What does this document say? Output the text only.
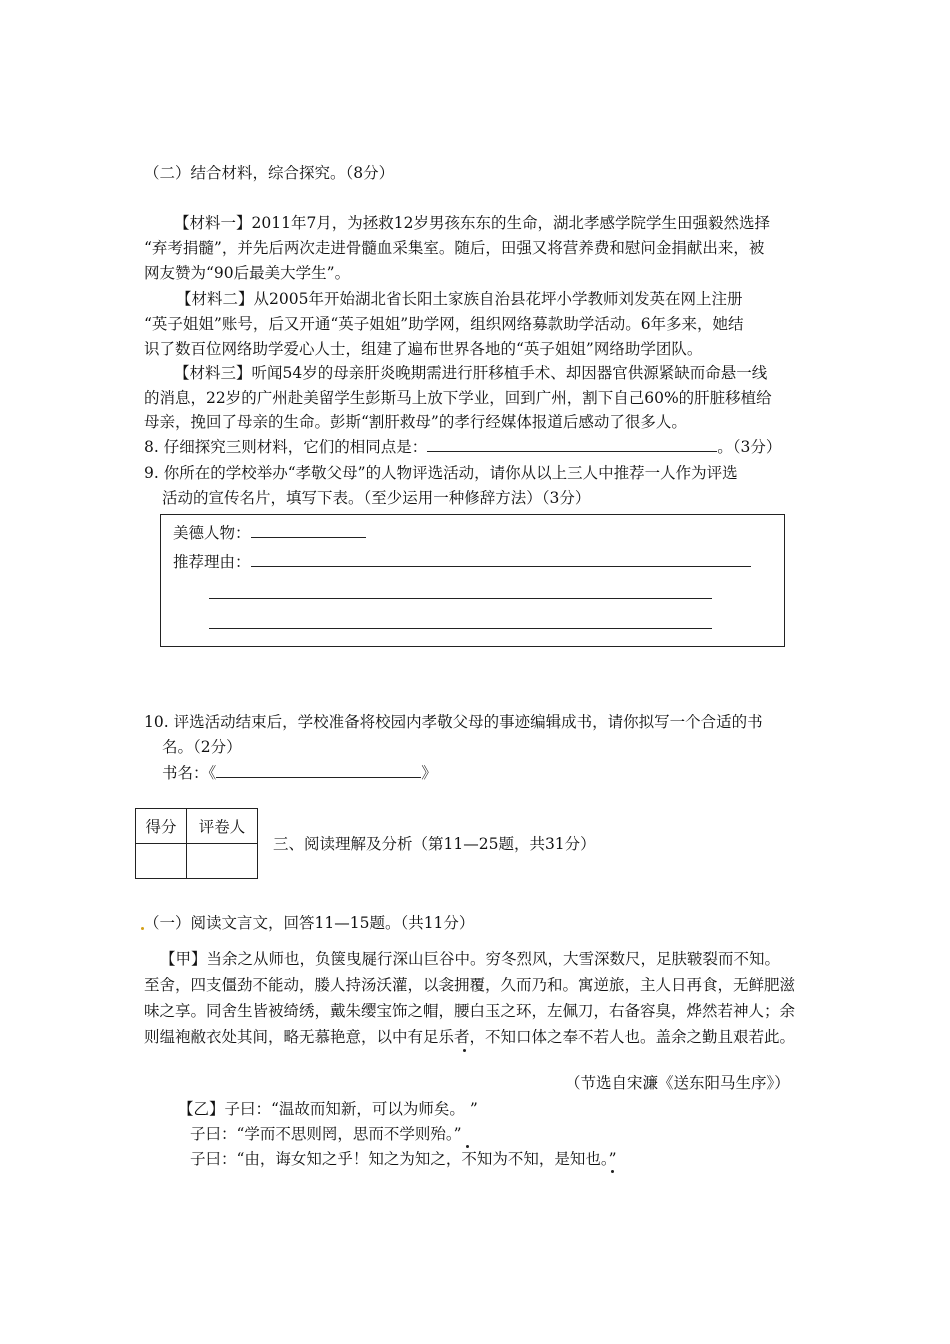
（二）结合材料，综合探究。（8分）
【材料一】2011年7月，为拯救12岁男孩东东的生命，湖北孝感学院学生田强毅然选择
“弃考捐髓”，并先后两次走进骨髓血采集室。随后，田强又将营养费和慰问金捐献出来，被
网友赞为“90后最美大学生”。
【材料二】从2005年开始湖北省长阳土家族自治县花坪小学教师刘发英在网上注册
“英子姐姐”账号，后又开通“英子姐姐”助学网，组织网络募款助学活动。6年多来，她结
识了数百位网络助学爱心人士，组建了遍布世界各地的“英子姐姐”网络助学团队。
【材料三】听闻54岁的母亲肝炎晚期需进行肝移植手术、却因器官供源紧缺而命悬一线
的消息，22岁的广州赴美留学生彭斯马上放下学业，回到广州，割下自己60%的肝脏移植给
母亲，挽回了母亲的生命。彭斯“割肝救母”的孝行经媒体报道后感动了很多人。
8. 仔细探究三则材料，它们的相同点是：	。（3分）
9. 你所在的学校举办“孝敬父母”的人物评选活动，请你从以上三人中推荐一人作为评选
活动的宣传名片，填写下表。（至少运用一种修辞方法）（3分）
美德人物：
推荐理由：
10. 评选活动结束后，学校准备将校园内孝敬父母的事迹编辑成书，请你拟写一个合适的书
名。（2分）
书名：《	》
得分	评卷人

三、阅读理解及分析（第11—25题，共31分）
（一）阅读文言文，回答11—15题。（共11分）
【甲】当余之从师也，负箧曳屣行深山巨谷中。穷冬烈风，大雪深数尺，足肤皲裂而不知。
至舍，四支僵劲不能动，媵人持汤沃灌，以衾拥覆，久而乃和。寓逆旅，主人日再食，无鲜肥滋
味之享。同舍生皆被绮绣，戴朱缨宝饰之帽，腰白玉之环，左佩刀，右备容臭，烨然若神人；余
则缊袍敝衣处其间，略无慕艳意，以中有足乐者，不知口体之奉不若人也。盖余之勤且艰若此。
（节选自宋濂《送东阳马生序》）
【乙】子曰：“温故而知新，可以为师矣。 ”
子曰：“学而不思则罔，思而不学则殆。”
子曰：“由，诲女知之乎！知之为知之，不知为不知，是知也。”
